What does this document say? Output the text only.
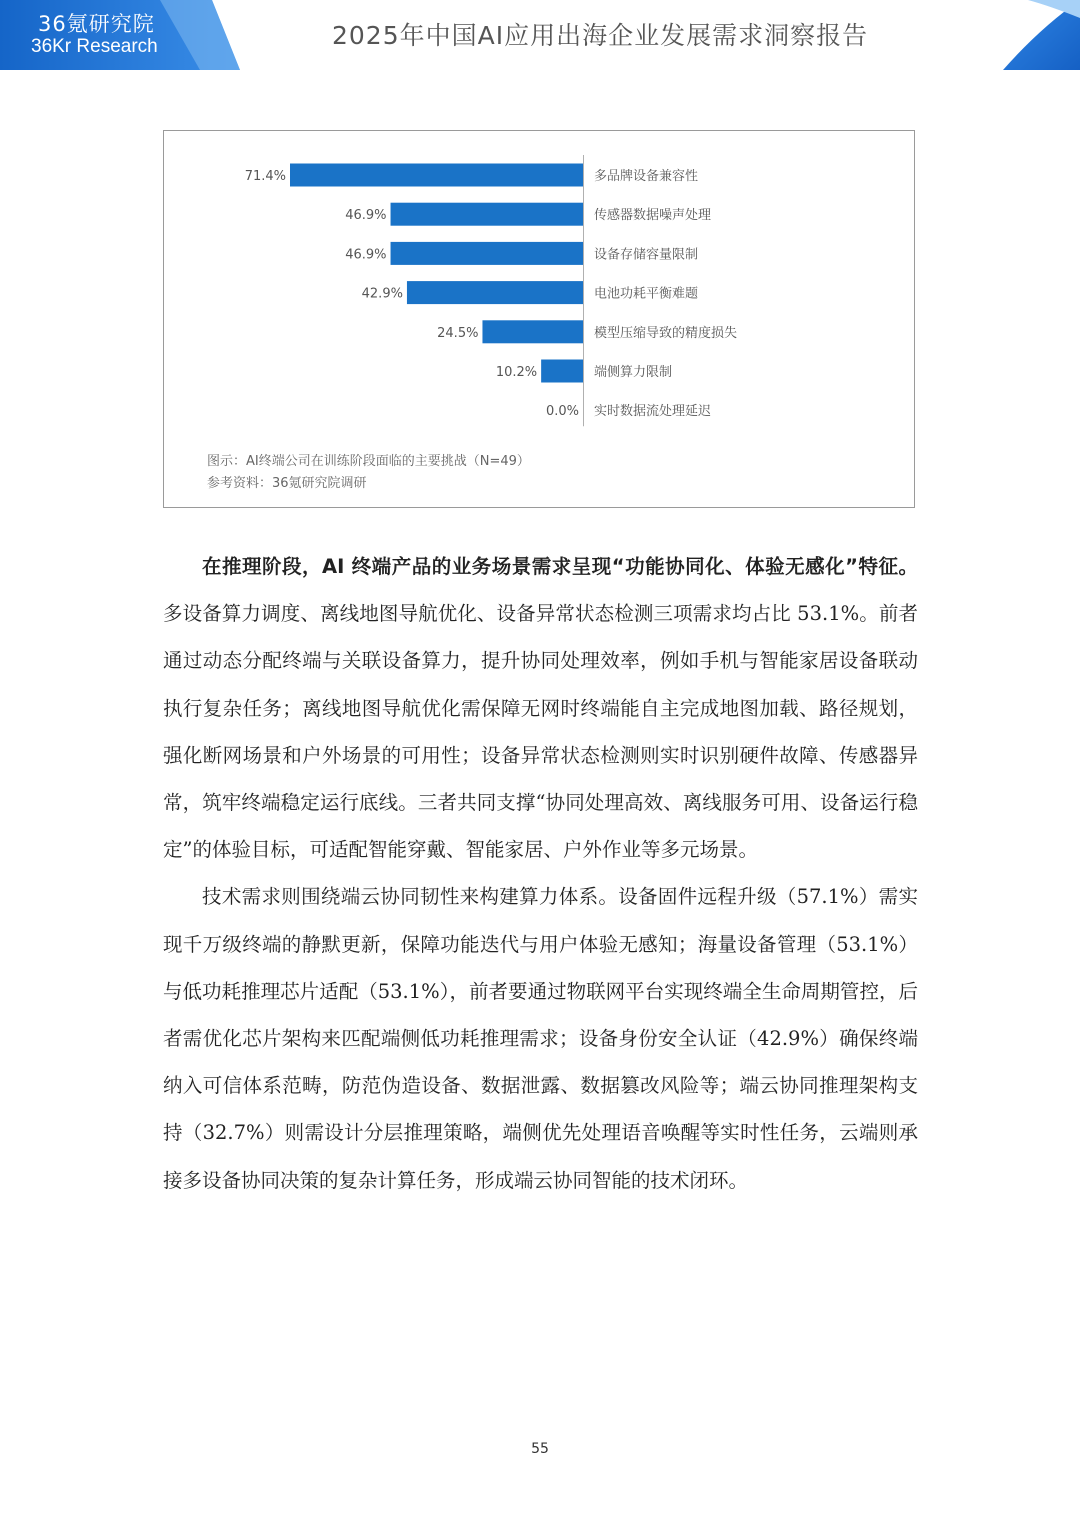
36氪研究院
36Kr Research	2025年中国AI应用出海企业发展需求洞察报告
71.4%	多品牌设备兼容性
46.9%	传感器数据噪声处理
46.9%	设备存储容量限制
42.9%	电池功耗平衡难题
24.5%	模型压缩导致的精度损失
10.2%	端侧算力限制
0.0% 实时数据流处理延迟
图示：AI终端公司在训练阶段面临的主要挑战（N=49）
参考资料：36氪研究院调研

在推理阶段，AI 终端产品的业务场景需求呈现“功能协同化、体验无感化”特征。多设备算力调度、离线地图导航优化、设备异常状态检测三项需求均占比 53.1%。前者通过动态分配终端与关联设备算力，提升协同处理效率，例如手机与智能家居设备联动执行复杂任务；离线地图导航优化需保障无网时终端能自主完成地图加载、路径规划，强化断网场景和户外场景的可用性；设备异常状态检测则实时识别硬件故障、传感器异常，筑牢终端稳定运行底线。三者共同支撑“协同处理高效、离线服务可用、设备运行稳定”的体验目标，可适配智能穿戴、智能家居、户外作业等多元场景。

技术需求则围绕端云协同韧性来构建算力体系。设备固件远程升级（57.1%）需实现千万级终端的静默更新，保障功能迭代与用户体验无感知；海量设备管理（53.1%）与低功耗推理芯片适配（53.1%），前者要通过物联网平台实现终端全生命周期管控，后者需优化芯片架构来匹配端侧低功耗推理需求；设备身份安全认证（42.9%）确保终端纳入可信体系范畴，防范伪造设备、数据泄露、数据篡改风险等；端云协同推理架构支持（32.7%）则需设计分层推理策略，端侧优先处理语音唤醒等实时性任务，云端则承接多设备协同决策的复杂计算任务，形成端云协同智能的技术闭环。

55
